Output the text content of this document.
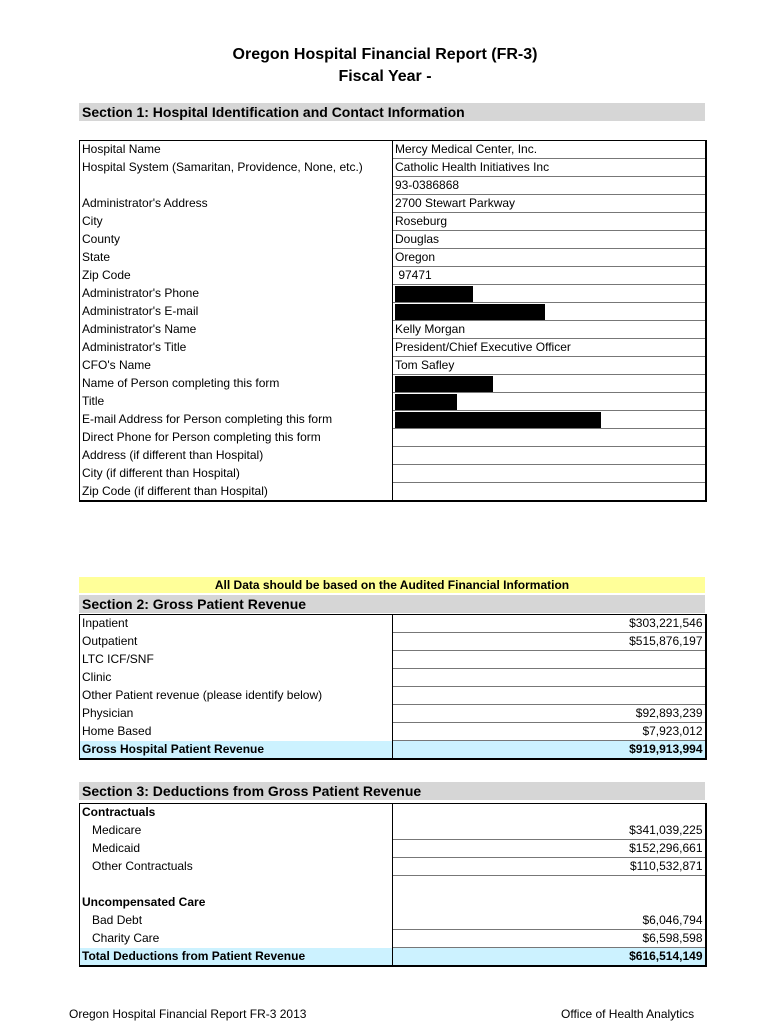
Oregon Hospital Financial Report (FR-3)
Fiscal Year -
Section 1: Hospital Identification and Contact Information
Hospital Name	Mercy Medical Center, Inc.
Hospital System (Samaritan, Providence, None, etc.)	Catholic Health Initiatives Inc
	93-0386868
Administrator's Address	2700 Stewart Parkway
City	Roseburg
County	Douglas
State	Oregon
Zip Code	97471
Administrator's Phone	
Administrator's E-mail	
Administrator's Name	Kelly Morgan
Administrator's Title	President/Chief Executive Officer
CFO's Name	Tom Safley
Name of Person completing this form	
Title	
E-mail Address for Person completing this form	
Direct Phone for Person completing this form	
Address (if different than Hospital)	
City (if different than Hospital)	
Zip Code (if different than Hospital)	
All Data should be based on the Audited Financial Information
Section 2: Gross Patient Revenue
Inpatient	$303,221,546
Outpatient	$515,876,197
LTC ICF/SNF	
Clinic	
Other Patient revenue (please identify below)	
Physician	$92,893,239
Home Based	$7,923,012
Gross Hospital Patient Revenue	$919,913,994
Section 3: Deductions from Gross Patient Revenue
Contractuals	
Medicare	$341,039,225
Medicaid	$152,296,661
Other Contractuals	$110,532,871

Uncompensated Care	
Bad Debt	$6,046,794
Charity Care	$6,598,598
Total Deductions from Patient Revenue	$616,514,149
Oregon Hospital Financial Report FR-3 2013	Office of Health Analytics
